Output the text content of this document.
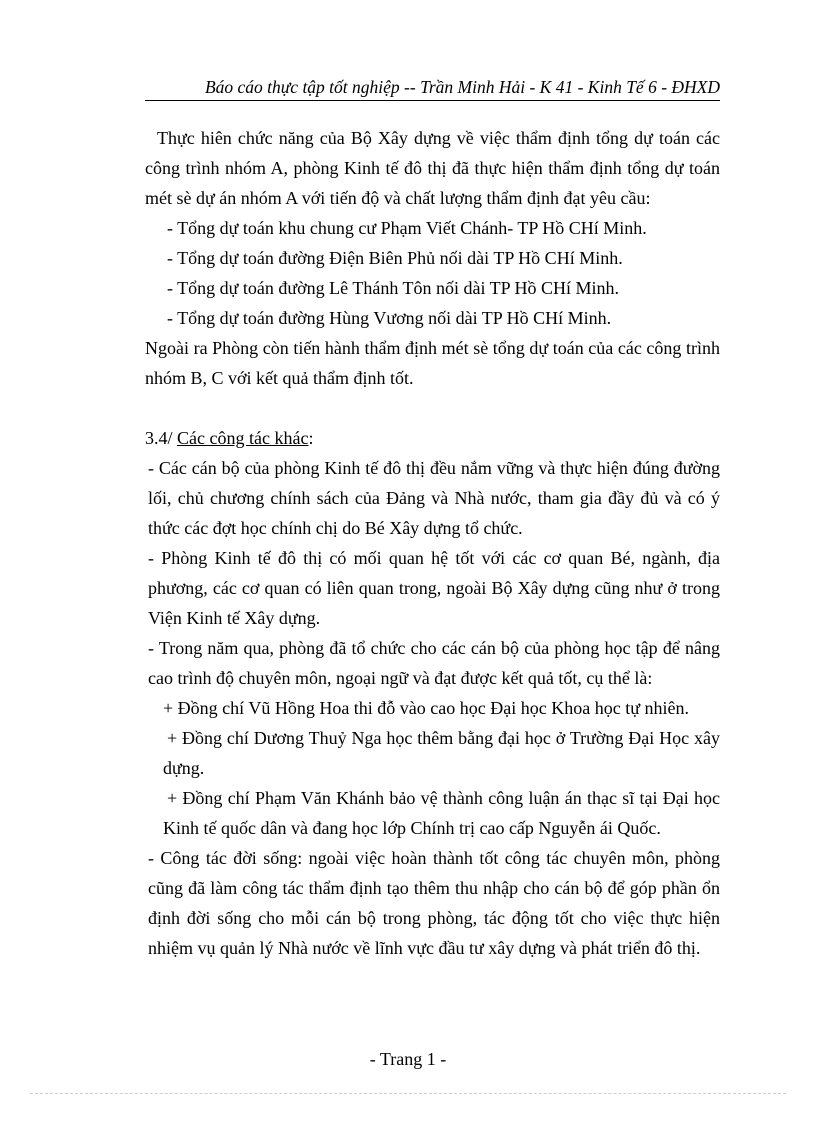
Báo cáo thực tập tốt nghiệp -- Trần Minh Hải - K 41 - Kinh Tế 6 - ĐHXD

Thực hiên chức năng của Bộ Xây dựng về việc thẩm định tổng dự toán các công trình nhóm A, phòng Kinh tế đô thị đã thực hiện thẩm định tổng dự toán mét sè dự án nhóm A với tiến độ và chất lượng thẩm định đạt yêu cầu:

- Tổng dự toán khu chung cư Phạm Viết Chánh- TP Hồ CHí Minh.

- Tổng dự toán đường Điện Biên Phủ nối dài TP Hồ CHí Minh.

- Tổng dự toán đường Lê Thánh Tôn nối dài TP Hồ CHí Minh.

- Tổng dự toán đường Hùng Vương nối dài TP Hồ CHí Minh.

Ngoài ra Phòng còn tiến hành thẩm định mét sè tổng dự toán của các công trình nhóm B, C với kết quả thẩm định tốt.

3.4/ Các công tác khác:

- Các cán bộ của phòng Kinh tế đô thị đều nắm vững và thực hiện đúng đường lối, chủ chương chính sách của Đảng và Nhà nước, tham gia đầy đủ và có ý thức các đợt học chính chị do Bé Xây dựng tổ chức.

- Phòng Kinh tế đô thị có mối quan hệ tốt với các cơ quan Bé, ngành, địa phương, các cơ quan có liên quan trong, ngoài Bộ Xây dựng cũng như ở trong Viện Kinh tế Xây dựng.

- Trong năm qua, phòng đã tổ chức cho các cán bộ của phòng học tập để nâng cao trình độ chuyên môn, ngoại ngữ và đạt được kết quả tốt, cụ thể là:

+ Đồng chí Vũ Hồng Hoa thi đỗ vào cao học Đại học Khoa học tự nhiên.

+ Đồng chí Dương Thuỷ Nga học thêm bằng đại học ở Trường Đại Học xây dựng.

+ Đồng chí Phạm Văn Khánh bảo vệ thành công luận án thạc sĩ tại Đại học Kinh tế quốc dân và đang học lớp Chính trị cao cấp Nguyễn ái Quốc.

- Công tác đời sống: ngoài việc hoàn thành tốt công tác chuyên môn, phòng cũng đã làm công tác thẩm định tạo thêm thu nhập cho cán bộ để góp phần ổn định đời sống cho mỗi cán bộ trong phòng, tác động tốt cho việc thực hiện nhiệm vụ quản lý Nhà nước về lĩnh vực đầu tư xây dựng và phát triển đô thị.

- Trang 1 -
